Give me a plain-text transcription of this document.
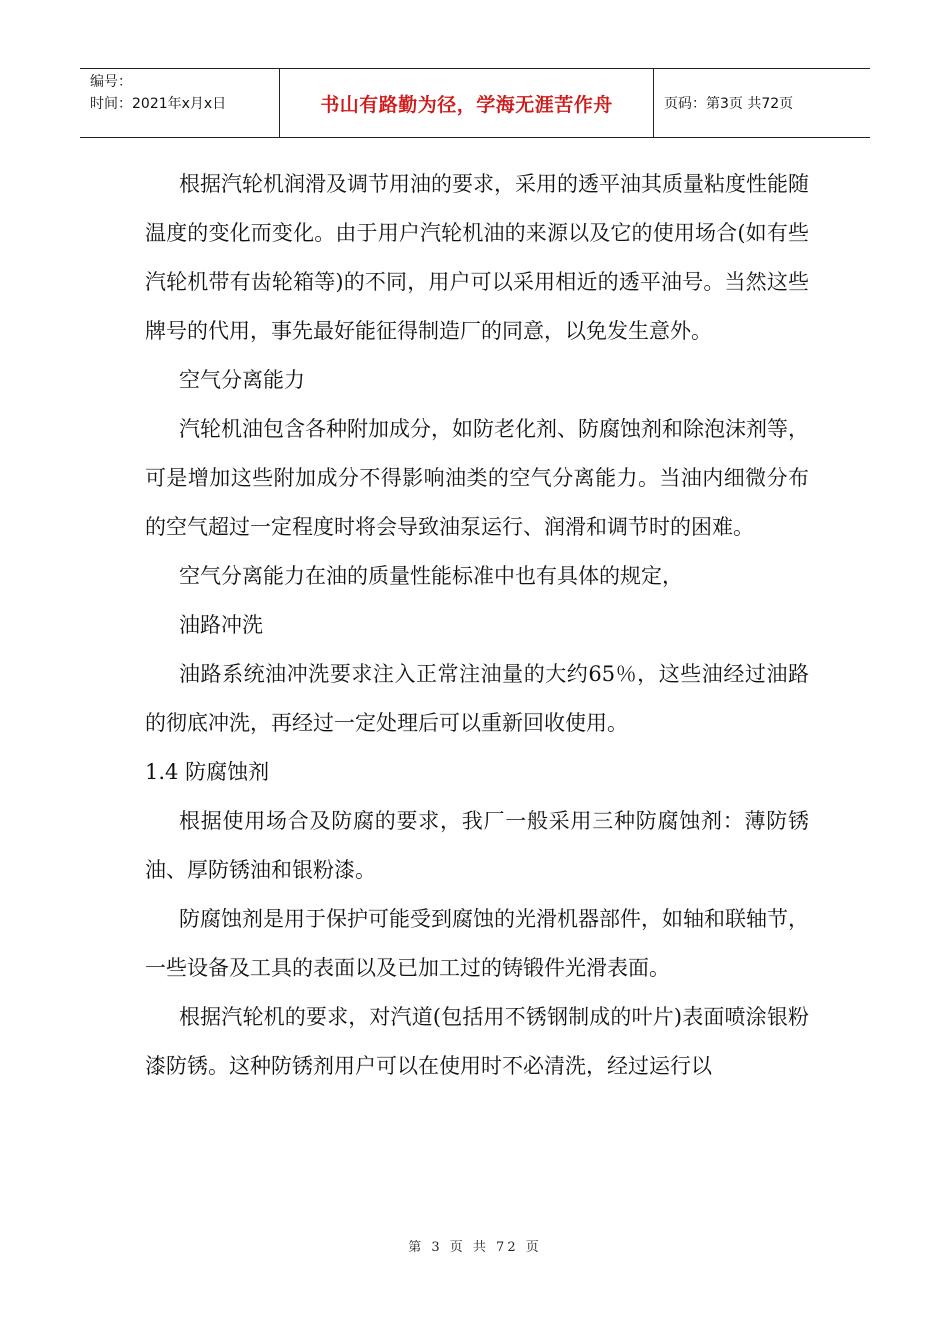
编号：
时间：2021年x月x日	书山有路勤为径，学海无涯苦作舟	页码：第3页 共72页

根据汽轮机润滑及调节用油的要求，采用的透平油其质量粘度性能随温度的变化而变化。由于用户汽轮机油的来源以及它的使用场合(如有些汽轮机带有齿轮箱等)的不同，用户可以采用相近的透平油号。当然这些牌号的代用，事先最好能征得制造厂的同意，以免发生意外。

空气分离能力

汽轮机油包含各种附加成分，如防老化剂、防腐蚀剂和除泡沫剂等，可是增加这些附加成分不得影响油类的空气分离能力。当油内细微分布的空气超过一定程度时将会导致油泵运行、润滑和调节时的困难。

空气分离能力在油的质量性能标准中也有具体的规定，

油路冲洗

油路系统油冲洗要求注入正常注油量的大约65％，这些油经过油路的彻底冲洗，再经过一定处理后可以重新回收使用。

1.4 防腐蚀剂

根据使用场合及防腐的要求，我厂一般采用三种防腐蚀剂：薄防锈油、厚防锈油和银粉漆。

防腐蚀剂是用于保护可能受到腐蚀的光滑机器部件，如轴和联轴节，一些设备及工具的表面以及已加工过的铸锻件光滑表面。

根据汽轮机的要求，对汽道(包括用不锈钢制成的叶片)表面喷涂银粉漆防锈。这种防锈剂用户可以在使用时不必清洗，经过运行以

第 3 页 共 72 页
